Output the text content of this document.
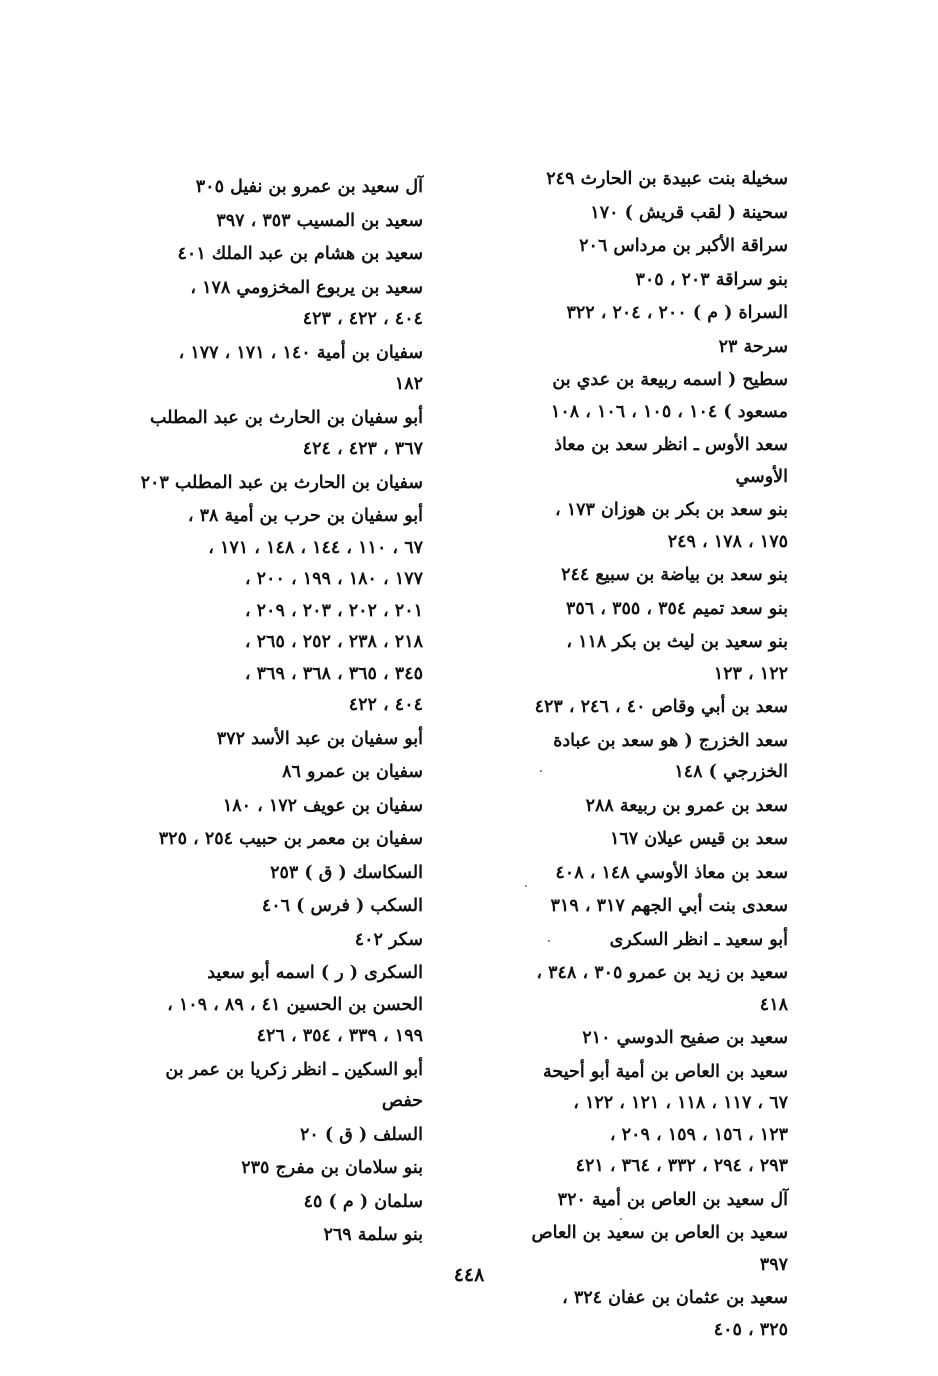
سخيلة بنت عبيدة بن الحارث ٢٤٩
سحينة ( لقب قريش ) ١٧٠
سراقة الأكبر بن مرداس ٢٠٦
بنو سراقة ٢٠٣ ، ٣٠٥
السراة ( م ) ٢٠٠ ، ٢٠٤ ، ٣٢٢
سرحة ٢٣
سطيح ( اسمه ربيعة بن عدي بن
مسعود ) ١٠٤ ، ١٠٥ ، ١٠٦ ، ١٠٨
سعد الأوس ـ انظر سعد بن معاذ الأوسي
بنو سعد بن بكر بن هوزان ١٧٣ ،
١٧٥ ، ١٧٨ ، ٢٤٩
بنو سعد بن بياضة بن سبيع ٢٤٤
بنو سعد تميم ٣٥٤ ، ٣٥٥ ، ٣٥٦
بنو سعيد بن ليث بن بكر ١١٨ ،
١٢٢ ، ١٢٣
سعد بن أبي وقاص ٤٠ ، ٢٤٦ ، ٤٢٣
سعد الخزرج ( هو سعد بن عبادة
الخزرجي ) ١٤٨
سعد بن عمرو بن ربيعة ٢٨٨
سعد بن قيس عيلان ١٦٧
سعد بن معاذ الأوسي ١٤٨ ، ٤٠٨
سعدى بنت أبي الجهم ٣١٧ ، ٣١٩
أبو سعيد ـ انظر السكرى
سعيد بن زيد بن عمرو ٣٠٥ ، ٣٤٨ ،
٤١٨
سعيد بن صفيح الدوسي ٢١٠
سعيد بن العاص بن أمية أبو أحيحة
٦٧ ، ١١٧ ، ١١٨ ، ١٢١ ، ١٢٢ ،
١٢٣ ، ١٥٦ ، ١٥٩ ، ٢٠٩ ،
٢٩٣ ، ٢٩٤ ، ٣٣٢ ، ٣٦٤ ، ٤٢١
آل سعيد بن العاص بن أمية ٣٢٠
سعيد بن العاص بن سعيد بن العاص
٣٩٧
سعيد بن عثمان بن عفان ٣٢٤ ،
٣٢٥ ، ٤٠٥
آل سعيد بن عمرو بن نفيل ٣٠٥
سعيد بن المسيب ٣٥٣ ، ٣٩٧
سعيد بن هشام بن عبد الملك ٤٠١
سعيد بن يربوع المخزومي ١٧٨ ،
٤٠٤ ، ٤٢٢ ، ٤٢٣
سفيان بن أمية ١٤٠ ، ١٧١ ، ١٧٧ ،
١٨٢
أبو سفيان بن الحارث بن عبد المطلب
٣٦٧ ، ٤٢٣ ، ٤٢٤
سفيان بن الحارث بن عبد المطلب ٢٠٣
أبو سفيان بن حرب بن أمية ٣٨ ،
٦٧ ، ١١٠ ، ١٤٤ ، ١٤٨ ، ١٧١ ،
١٧٧ ، ١٨٠ ، ١٩٩ ، ٢٠٠ ،
٢٠١ ، ٢٠٢ ، ٢٠٣ ، ٢٠٩ ،
٢١٨ ، ٢٣٨ ، ٢٥٢ ، ٢٦٥ ،
٣٤٥ ، ٣٦٥ ، ٣٦٨ ، ٣٦٩ ،
٤٠٤ ، ٤٢٢
أبو سفيان بن عبد الأسد ٣٧٢
سفيان بن عمرو ٨٦
سفيان بن عويف ١٧٢ ، ١٨٠
سفيان بن معمر بن حبيب ٢٥٤ ، ٣٢٥
السكاسك ( ق ) ٢٥٣
السكب ( فرس ) ٤٠٦
سكر ٤٠٢
السكرى ( ر ) اسمه أبو سعيد
الحسن بن الحسين ٤١ ، ٨٩ ، ١٠٩ ،
١٩٩ ، ٣٣٩ ، ٣٥٤ ، ٤٢٦
أبو السكين ـ انظر زكريا بن عمر بن
حفص
السلف ( ق ) ٢٠
بنو سلامان بن مفرج ٢٣٥
سلمان ( م ) ٤٥
بنو سلمة ٢٦٩
٤٤٨
